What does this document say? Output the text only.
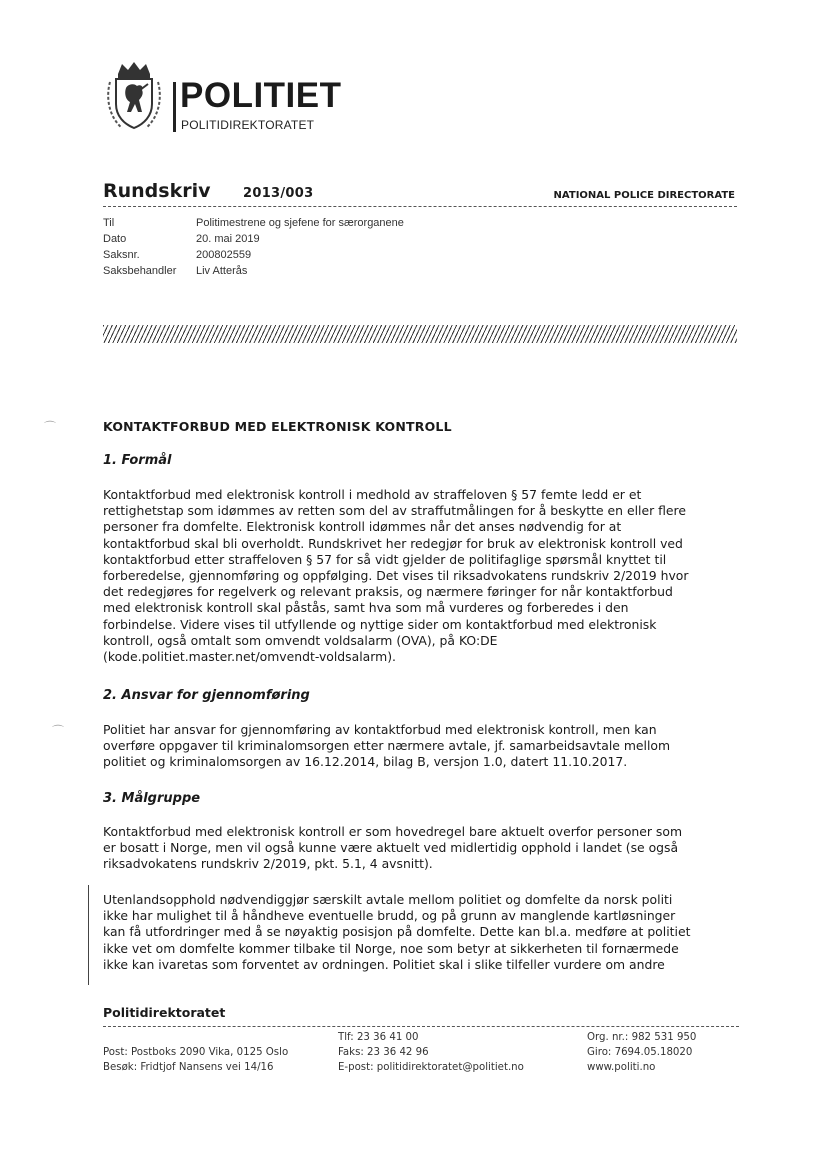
⌒
⌒
POLITIET
POLITIDIREKTORATET
Rundskriv	2013/003	NATIONAL POLICE DIRECTORATE
Til	Politimestrene og sjefene for særorganene
Dato	20. mai 2019
Saksnr.	200802559
Saksbehandler	Liv Atterås
KONTAKTFORBUD MED ELEKTRONISK KONTROLL
1. Formål
Kontaktforbud med elektronisk kontroll i medhold av straffeloven § 57 femte ledd er et
rettighetstap som idømmes av retten som del av straffutmålingen for å beskytte en eller flere
personer fra domfelte. Elektronisk kontroll idømmes når det anses nødvendig for at
kontaktforbud skal bli overholdt. Rundskrivet her redegjør for bruk av elektronisk kontroll ved
kontaktforbud etter straffeloven § 57 for så vidt gjelder de politifaglige spørsmål knyttet til
forberedelse, gjennomføring og oppfølging. Det vises til riksadvokatens rundskriv 2/2019 hvor
det redegjøres for regelverk og relevant praksis, og nærmere føringer for når kontaktforbud
med elektronisk kontroll skal påstås, samt hva som må vurderes og forberedes i den
forbindelse. Videre vises til utfyllende og nyttige sider om kontaktforbud med elektronisk
kontroll, også omtalt som omvendt voldsalarm (OVA), på KO:DE
(kode.politiet.master.net/omvendt-voldsalarm).
2. Ansvar for gjennomføring
Politiet har ansvar for gjennomføring av kontaktforbud med elektronisk kontroll, men kan
overføre oppgaver til kriminalomsorgen etter nærmere avtale, jf. samarbeidsavtale mellom
politiet og kriminalomsorgen av 16.12.2014, bilag B, versjon 1.0, datert 11.10.2017.
3. Målgruppe
Kontaktforbud med elektronisk kontroll er som hovedregel bare aktuelt overfor personer som
er bosatt i Norge, men vil også kunne være aktuelt ved midlertidig opphold i landet (se også
riksadvokatens rundskriv 2/2019, pkt. 5.1, 4 avsnitt).
Utenlandsopphold nødvendiggjør særskilt avtale mellom politiet og domfelte da norsk politi
ikke har mulighet til å håndheve eventuelle brudd, og på grunn av manglende kartløsninger
kan få utfordringer med å se nøyaktig posisjon på domfelte. Dette kan bl.a. medføre at politiet
ikke vet om domfelte kommer tilbake til Norge, noe som betyr at sikkerheten til fornærmede
ikke kan ivaretas som forventet av ordningen. Politiet skal i slike tilfeller vurdere om andre
Politidirektoratet
Post: Postboks 2090 Vika, 0125 Oslo
Besøk: Fridtjof Nansens vei 14/16
Tlf: 23 36 41 00
Faks: 23 36 42 96
E-post: politidirektoratet@politiet.no
Org. nr.: 982 531 950
Giro: 7694.05.18020
www.politi.no
